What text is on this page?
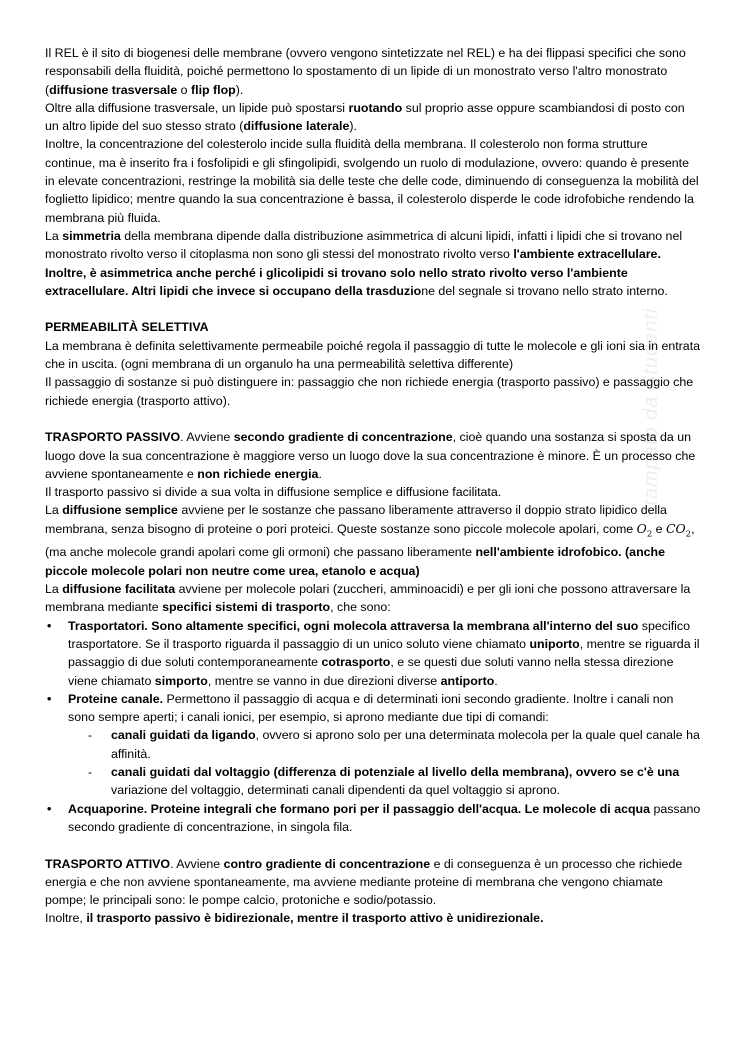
Il REL è il sito di biogenesi delle membrane (ovvero vengono sintetizzate nel REL) e ha dei flippasi specifici che sono responsabili della fluidità, poiché permettono lo spostamento di un lipide di un monostrato verso l'altro monostrato (diffusione trasversale o flip flop).

Oltre alla diffusione trasversale, un lipide può spostarsi ruotando sul proprio asse oppure scambiandosi di posto con un altro lipide del suo stesso strato (diffusione laterale).

Inoltre, la concentrazione del colesterolo incide sulla fluidità della membrana. Il colesterolo non forma strutture continue, ma è inserito fra i fosfolipidi e gli sfingolipidi, svolgendo un ruolo di modulazione, ovvero: quando è presente in elevate concentrazioni, restringe la mobilità sia delle teste che delle code, diminuendo di conseguenza la mobilità del foglietto lipidico; mentre quando la sua concentrazione è bassa, il colesterolo disperde le code idrofobiche rendendo la membrana più fluida.

La simmetria della membrana dipende dalla distribuzione asimmetrica di alcuni lipidi, infatti i lipidi che si trovano nel monostrato rivolto verso il citoplasma non sono gli stessi del monostrato rivolto verso l'ambiente extracellulare. Inoltre, è asimmetrica anche perché i glicolipidi si trovano solo nello strato rivolto verso l'ambiente extracellulare. Altri lipidi che invece si occupano della trasduzione del segnale si trovano nello strato interno.

PERMEABILITÀ SELETTIVA

La membrana è definita selettivamente permeabile poiché regola il passaggio di tutte le molecole e gli ioni sia in entrata che in uscita. (ogni membrana di un organulo ha una permeabilità selettiva differente)

Il passaggio di sostanze si può distinguere in: passaggio che non richiede energia (trasporto passivo) e passaggio che richiede energia (trasporto attivo).

TRASPORTO PASSIVO. Avviene secondo gradiente di concentrazione, cioè quando una sostanza si sposta da un luogo dove la sua concentrazione è maggiore verso un luogo dove la sua concentrazione è minore. È un processo che avviene spontaneamente e non richiede energia.

Il trasporto passivo si divide a sua volta in diffusione semplice e diffusione facilitata.

La diffusione semplice avviene per le sostanze che passano liberamente attraverso il doppio strato lipidico della membrana, senza bisogno di proteine o pori proteici. Queste sostanze sono piccole molecole apolari, come $O_2$ e $CO_2$, (ma anche molecole grandi apolari come gli ormoni) che passano liberamente nell'ambiente idrofobico. (anche piccole molecole polari non neutre come urea, etanolo e acqua)

La diffusione facilitata avviene per molecole polari (zuccheri, amminoacidi) e per gli ioni che possono attraversare la membrana mediante specifici sistemi di trasporto, che sono:

• Trasportatori. Sono altamente specifici, ogni molecola attraversa la membrana all'interno del suo specifico trasportatore. Se il trasporto riguarda il passaggio di un unico soluto viene chiamato uniporto, mentre se riguarda il passaggio di due soluti contemporaneamente cotrasporto, e se questi due soluti vanno nella stessa direzione viene chiamato simporto, mentre se vanno in due direzioni diverse antiporto.
• Proteine canale. Permettono il passaggio di acqua e di determinati ioni secondo gradiente. Inoltre i canali non sono sempre aperti; i canali ionici, per esempio, si aprono mediante due tipi di comandi:
- canali guidati da ligando, ovvero si aprono solo per una determinata molecola per la quale quel canale ha affinità.
- canali guidati dal voltaggio (differenza di potenziale al livello della membrana), ovvero se c'è una variazione del voltaggio, determinati canali dipendenti da quel voltaggio si aprono.
• Acquaporine. Proteine integrali che formano pori per il passaggio dell'acqua. Le molecole di acqua passano secondo gradiente di concentrazione, in singola fila.

TRASPORTO ATTIVO. Avviene contro gradiente di concentrazione e di conseguenza è un processo che richiede energia e che non avviene spontaneamente, ma avviene mediante proteine di membrana che vengono chiamate pompe; le principali sono: le pompe calcio, protoniche e sodio/potassio.

Inoltre, il trasporto passivo è bidirezionale, mentre il trasporto attivo è unidirezionale.

Stampato da Studenti
